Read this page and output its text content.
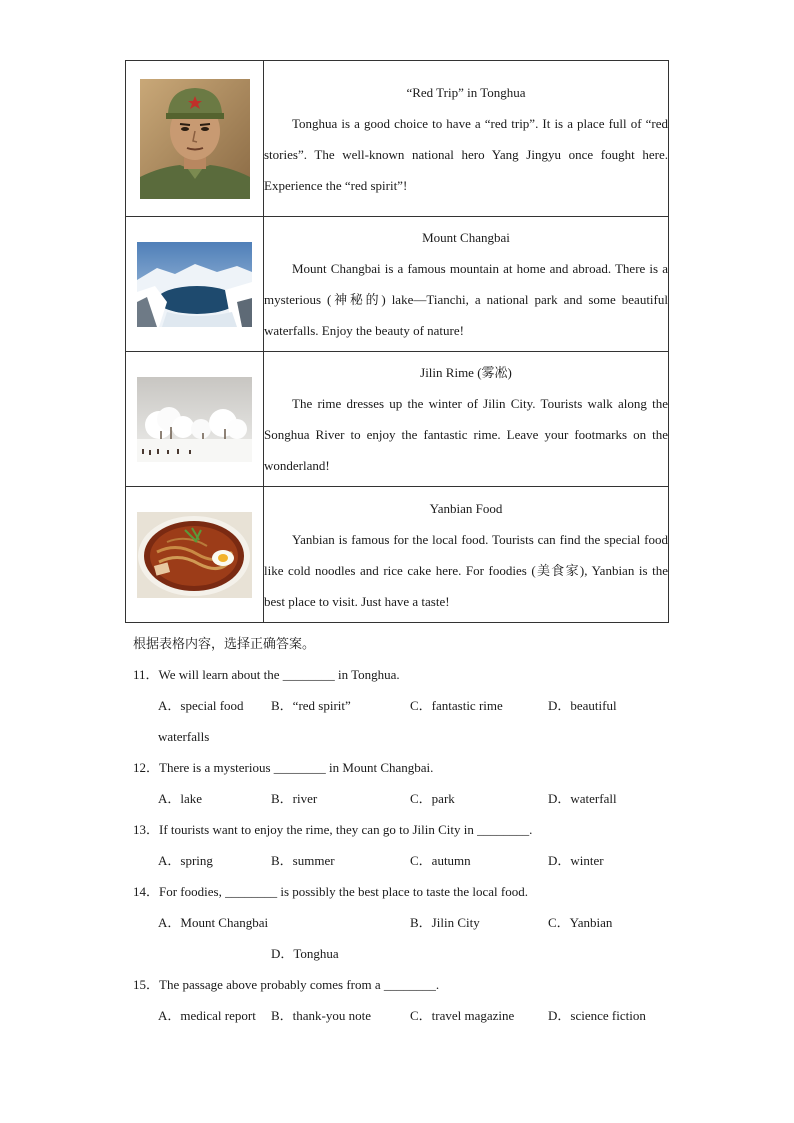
“Red Trip” in Tonghua
Tonghua is a good choice to have a “red trip”. It is a place full of “red stories”. The well-known national hero Yang Jingyu once fought here. Experience the “red spirit”!

Mount Changbai
Mount Changbai is a famous mountain at home and abroad. There is a mysterious (神秘的) lake—Tianchi, a national park and some beautiful waterfalls. Enjoy the beauty of nature!

Jilin Rime (雾凇)
The rime dresses up the winter of Jilin City. Tourists walk along the Songhua River to enjoy the fantastic rime. Leave your footmarks on the wonderland!

Yanbian Food
Yanbian is famous for the local food. Tourists can find the special food like cold noodles and rice cake here. For foodies (美食家), Yanbian is the best place to visit. Just have a taste!
根据表格内容，选择正确答案。
11．We will learn about the ________ in Tonghua.
A．special food B．“red spirit”	C．fantastic rime	D．beautiful
waterfalls
12．There is a mysterious ________ in Mount Changbai.
A．lake	B．river	C．park	D．waterfall
13．If tourists want to enjoy the rime, they can go to Jilin City in ________.
A．spring	B．summer	C．autumn	D．winter
14．For foodies, ________ is possibly the best place to taste the local food.
A．Mount Changbai	B．Jilin City	C．Yanbian
D．Tonghua
15．The passage above probably comes from a ________.
A．medical report B．thank-you note	C．travel magazine	D．science fiction
